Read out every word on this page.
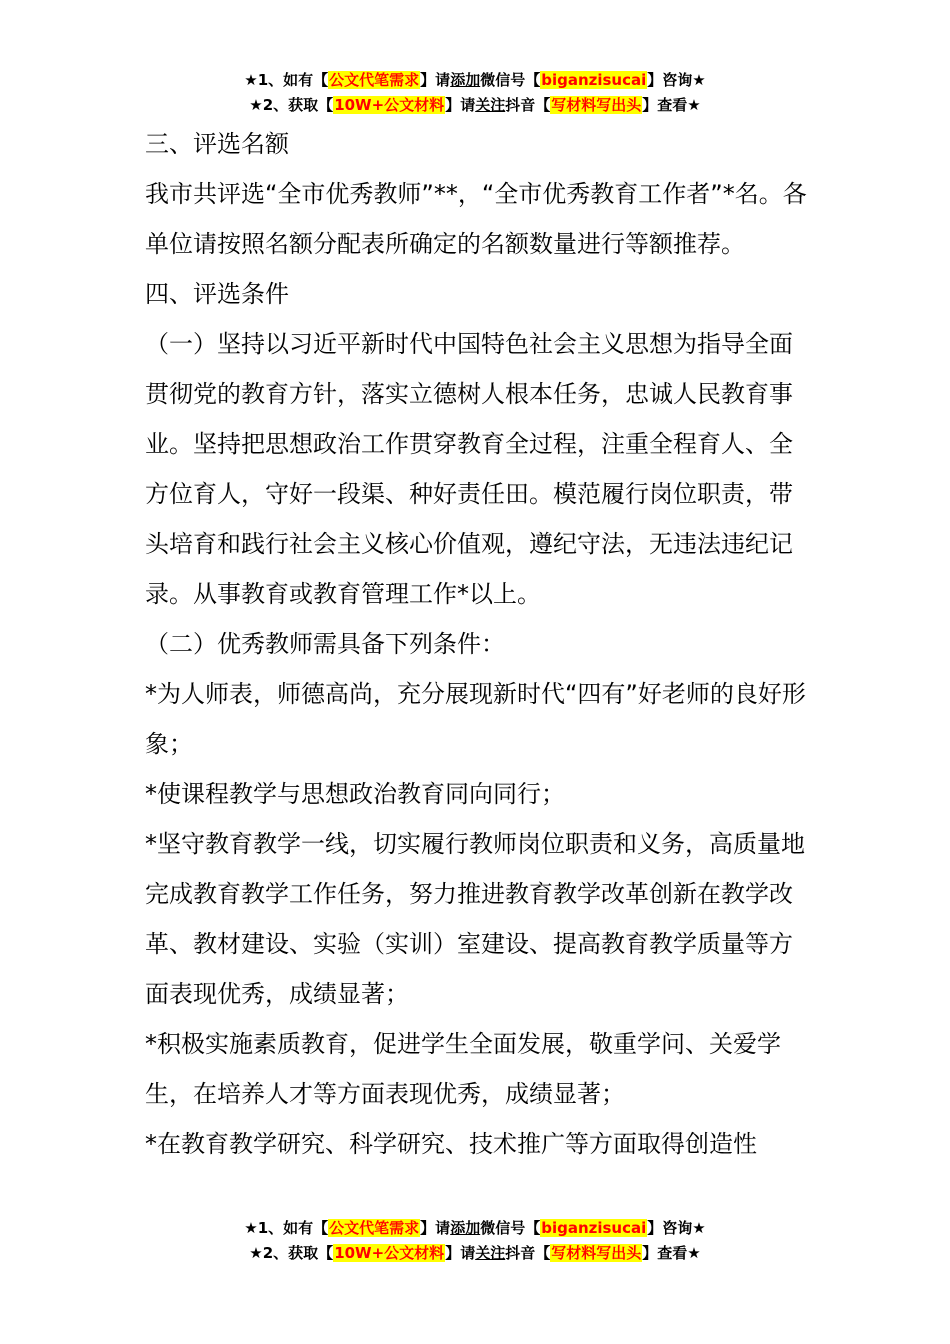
★1、如有【公文代笔需求】请添加微信号【biganzisucai】咨询★
★2、获取【10W+公文材料】请关注抖音【写材料写出头】查看★

三、评选名额

我市共评选“全市优秀教师”**，“全市优秀教育工作者”*名。各单位请按照名额分配表所确定的名额数量进行等额推荐。

四、评选条件

（一）坚持以习近平新时代中国特色社会主义思想为指导全面贯彻党的教育方针，落实立德树人根本任务，忠诚人民教育事业。坚持把思想政治工作贯穿教育全过程，注重全程育人、全方位育人，守好一段渠、种好责任田。模范履行岗位职责，带头培育和践行社会主义核心价值观，遵纪守法，无违法违纪记录。从事教育或教育管理工作*以上。

（二）优秀教师需具备下列条件：

*为人师表，师德高尚，充分展现新时代“四有”好老师的良好形象；

*使课程教学与思想政治教育同向同行；

*坚守教育教学一线，切实履行教师岗位职责和义务，高质量地完成教育教学工作任务，努力推进教育教学改革创新在教学改革、教材建设、实验（实训）室建设、提高教育教学质量等方面表现优秀，成绩显著；

*积极实施素质教育，促进学生全面发展，敬重学问、关爱学生，在培养人才等方面表现优秀，成绩显著；

*在教育教学研究、科学研究、技术推广等方面取得创造性

★1、如有【公文代笔需求】请添加微信号【biganzisucai】咨询★
★2、获取【10W+公文材料】请关注抖音【写材料写出头】查看★
